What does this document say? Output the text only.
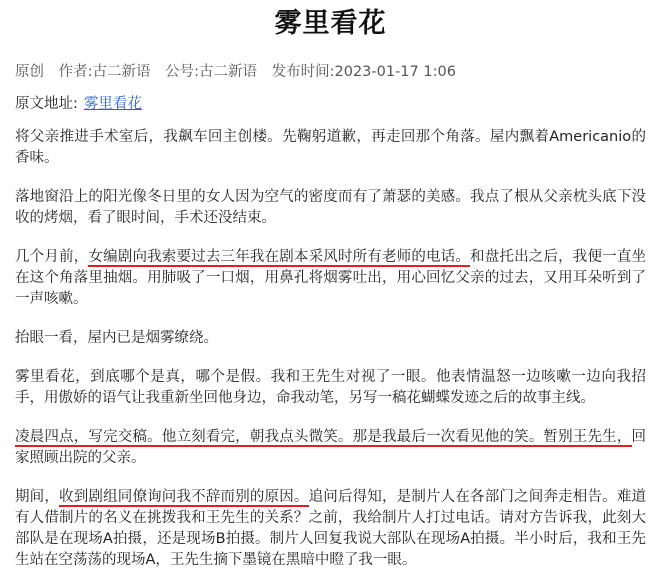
雾里看花
原创 作者:古二新语 公号:古二新语 发布时间:2023-01-17 1:06
原文地址: 雾里看花

将父亲推进手术室后，我飙车回主创楼。先鞠躬道歉，再走回那个角落。屋内飘着Americanio的香味。

落地窗沿上的阳光像冬日里的女人因为空气的密度而有了萧瑟的美感。我点了根从父亲枕头底下没收的烤烟，看了眼时间，手术还没结束。

几个月前，女编剧向我索要过去三年我在剧本采风时所有老师的电话。和盘托出之后，我便一直坐在这个角落里抽烟。用肺吸了一口烟，用鼻孔将烟雾吐出，用心回忆父亲的过去，又用耳朵听到了一声咳嗽。

抬眼一看，屋内已是烟雾缭绕。

雾里看花，到底哪个是真，哪个是假。我和王先生对视了一眼。他表情温怒一边咳嗽一边向我招手，用傲娇的语气让我重新坐回他身边，命我动笔，另写一稿花蝴蝶发迹之后的故事主线。

凌晨四点，写完交稿。他立刻看完，朝我点头微笑。那是我最后一次看见他的笑。暂别王先生，回家照顾出院的父亲。

期间，收到剧组同僚询问我不辞而别的原因。追问后得知，是制片人在各部门之间奔走相告。难道有人借制片的名义在挑拨我和王先生的关系？之前，我给制片人打过电话。请对方告诉我，此刻大部队是在现场A拍摄，还是现场B拍摄。制片人回复我说大部队在现场A拍摄。半小时后，我和王先生站在空荡荡的现场A，王先生摘下墨镜在黑暗中瞪了我一眼。
